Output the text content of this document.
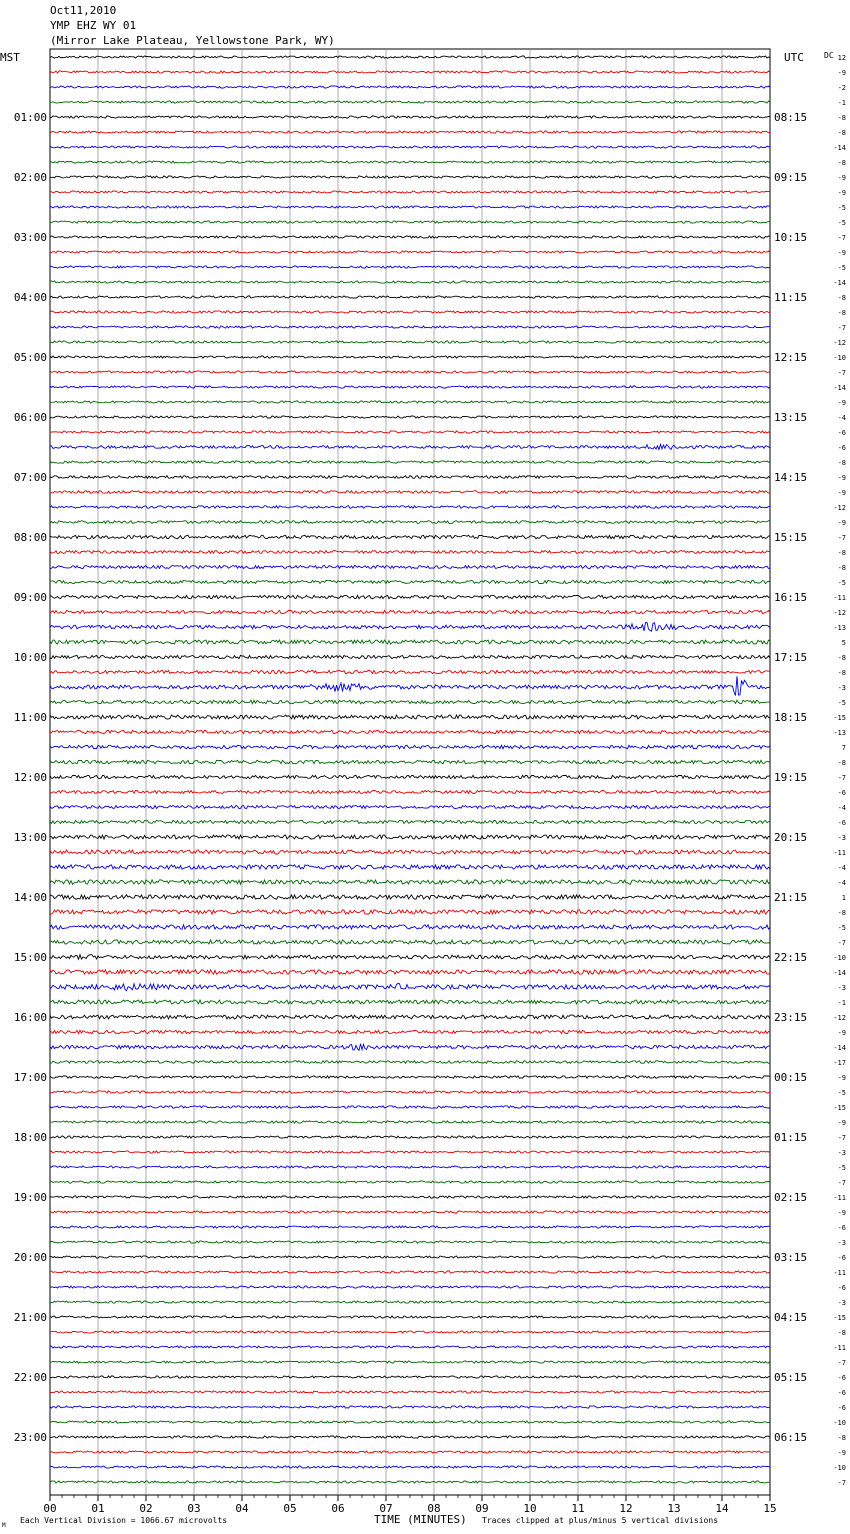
Oct11,2010
YMP EHZ WY 01
(Mirror Lake Plateau, Yellowstone Park, WY)
00	01	02	03	04	05	06	07	08	09	10	11	12	13	14	15
01:00
02:00
03:00
04:00
05:00
06:00
07:00
08:00
09:00
10:00
11:00
12:00
13:00
14:00
15:00
16:00
17:00
18:00
19:00
20:00
21:00
22:00
23:00
08:15
09:15
10:15
11:15
12:15
13:15
14:15
15:15
16:15
17:15
18:15
19:15
20:15
21:15
22:15
23:15
00:15
01:15
02:15
03:15
04:15
05:15
06:15
12
-9
-2
-1
-8
-8
-14
-8
-9
-9
-5
-5
-7
-9
-5
-14
-8
-8
-7
-12
-10
-7
-14
-9
-4
-6
-6
-8
-9
-9
-12
-9
-7
-8
-8
-5
-11
-12
-13
5
-8
-8
-3
-5
-15
-13
7
-8
-7
-6
-4
-6
-3
-11
-4
-4
1
-8
-5
-7
-10
-14
-3
-1
-12
-9
-14
-17
-9
-5
-15
-9
-7
-3
-5
-7
-11
-9
-6
-3
-6
-11
-6
-3
-15
-8
-11
-7
-6
-6
-6
-10
-8
-9
-10
-7
MST	UTC	DC
Each Vertical Division = 1066.67 microvolts	TIME (MINUTES) Traces clipped at plus/minus 5 vertical divisions
M
